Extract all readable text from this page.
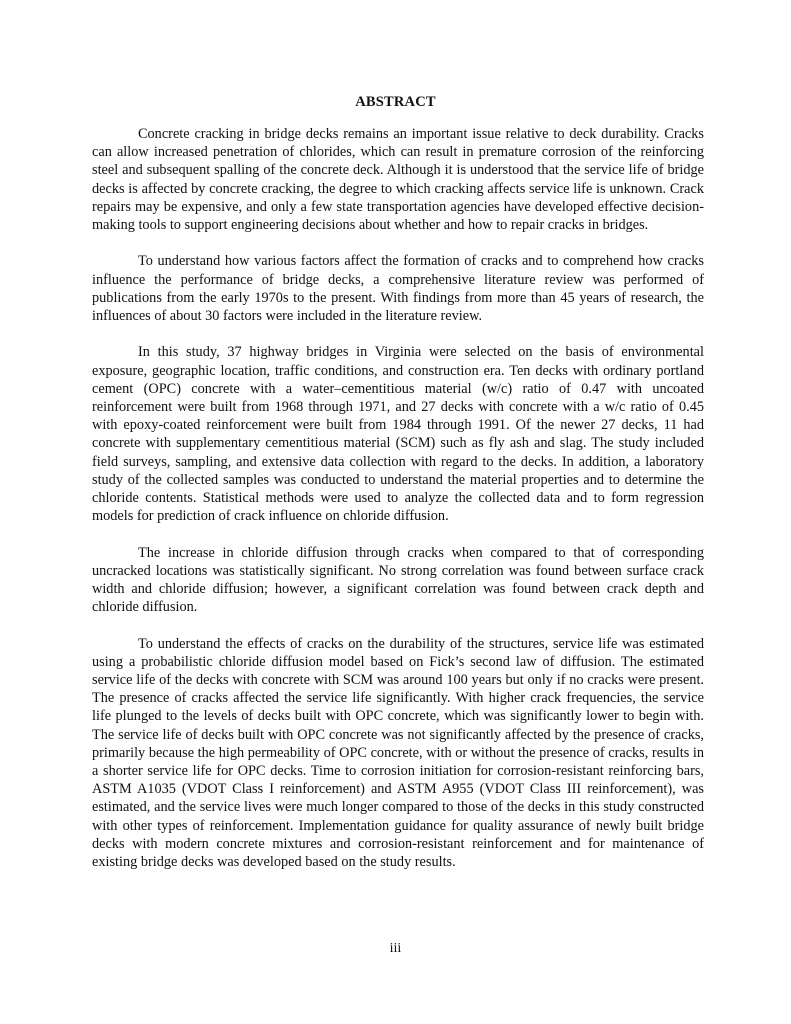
ABSTRACT

Concrete cracking in bridge decks remains an important issue relative to deck durability. Cracks can allow increased penetration of chlorides, which can result in premature corrosion of the reinforcing steel and subsequent spalling of the concrete deck. Although it is understood that the service life of bridge decks is affected by concrete cracking, the degree to which cracking affects service life is unknown. Crack repairs may be expensive, and only a few state transportation agencies have developed effective decision-making tools to support engineering decisions about whether and how to repair cracks in bridges.

To understand how various factors affect the formation of cracks and to comprehend how cracks influence the performance of bridge decks, a comprehensive literature review was performed of publications from the early 1970s to the present. With findings from more than 45 years of research, the influences of about 30 factors were included in the literature review.

In this study, 37 highway bridges in Virginia were selected on the basis of environmental exposure, geographic location, traffic conditions, and construction era. Ten decks with ordinary portland cement (OPC) concrete with a water–cementitious material (w/c) ratio of 0.47 with uncoated reinforcement were built from 1968 through 1971, and 27 decks with concrete with a w/c ratio of 0.45 with epoxy-coated reinforcement were built from 1984 through 1991. Of the newer 27 decks, 11 had concrete with supplementary cementitious material (SCM) such as fly ash and slag. The study included field surveys, sampling, and extensive data collection with regard to the decks. In addition, a laboratory study of the collected samples was conducted to understand the material properties and to determine the chloride contents. Statistical methods were used to analyze the collected data and to form regression models for prediction of crack influence on chloride diffusion.

The increase in chloride diffusion through cracks when compared to that of corresponding uncracked locations was statistically significant. No strong correlation was found between surface crack width and chloride diffusion; however, a significant correlation was found between crack depth and chloride diffusion.

To understand the effects of cracks on the durability of the structures, service life was estimated using a probabilistic chloride diffusion model based on Fick’s second law of diffusion. The estimated service life of the decks with concrete with SCM was around 100 years but only if no cracks were present. The presence of cracks affected the service life significantly. With higher crack frequencies, the service life plunged to the levels of decks built with OPC concrete, which was significantly lower to begin with. The service life of decks built with OPC concrete was not significantly affected by the presence of cracks, primarily because the high permeability of OPC concrete, with or without the presence of cracks, results in a shorter service life for OPC decks. Time to corrosion initiation for corrosion-resistant reinforcing bars, ASTM A1035 (VDOT Class I reinforcement) and ASTM A955 (VDOT Class III reinforcement), was estimated, and the service lives were much longer compared to those of the decks in this study constructed with other types of reinforcement. Implementation guidance for quality assurance of newly built bridge decks with modern concrete mixtures and corrosion-resistant reinforcement and for maintenance of existing bridge decks was developed based on the study results.

iii
